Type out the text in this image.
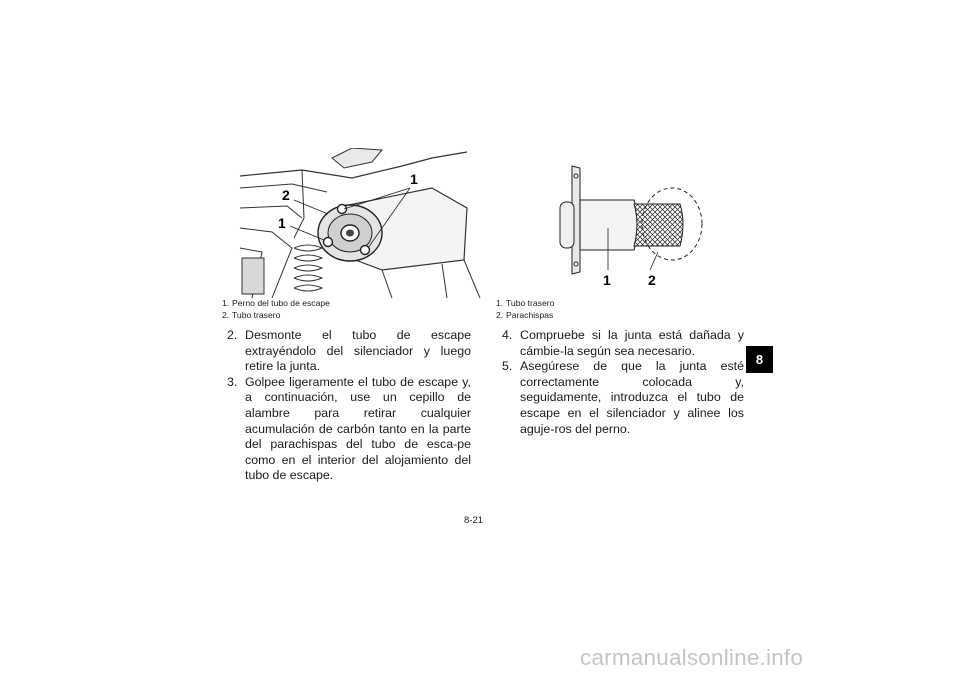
1
2
1
1	2
1. Perno del tubo de escape
2. Tubo trasero
1. Tubo trasero
2. Parachispas
2. Desmonte el tubo de escape extrayéndolo del silenciador y luego retire la junta.
3. Golpee ligeramente el tubo de escape y, a continuación, use un cepillo de alambre para retirar cualquier acumulación de carbón tanto en la parte del parachispas del tubo de esca-pe como en el interior del alojamiento del tubo de escape.
4. Compruebe si la junta está dañada y cámbie-la según sea necesario.
5. Asegúrese de que la junta esté correctamente colocada y, seguidamente, introduzca el tubo de escape en el silenciador y alinee los aguje-ros del perno.
8-21
8
carmanualsonline.info
